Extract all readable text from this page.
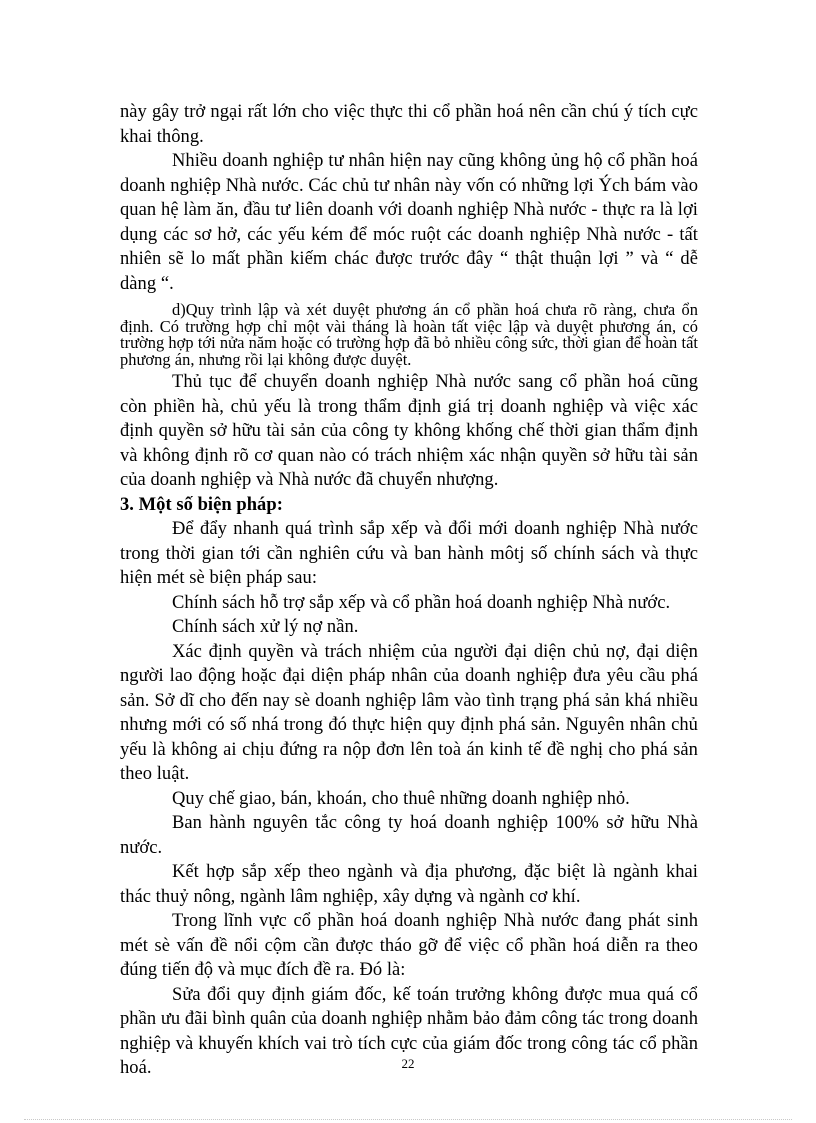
này gây trở ngại rất lớn cho việc thực thi cổ phần hoá nên cần chú ý tích cực khai thông.

Nhiều doanh nghiệp tư nhân hiện nay cũng không ủng hộ cổ phần hoá doanh nghiệp Nhà nước. Các chủ tư nhân này vốn có những lợi Ých bám vào quan hệ làm ăn, đầu tư liên doanh với doanh nghiệp Nhà nước - thực ra là lợi dụng các sơ hở, các yếu kém để móc ruột các doanh nghiệp Nhà nước - tất nhiên sẽ lo mất phần kiếm chác được trước đây “ thật thuận lợi ” và “ dễ dàng “.

d)Quy trình lập và xét duyệt phương án cổ phần hoá chưa rõ ràng, chưa ổn định. Có trường hợp chỉ một vài tháng là hoàn tất việc lập và duyệt phương án, có trường hợp tới nửa năm hoặc có trường hợp đã bỏ nhiều công sức, thời gian để hoàn tất phương án, nhưng rồi lại không được duyệt.

Thủ tục để chuyển doanh nghiệp Nhà nước sang cổ phần hoá cũng còn phiền hà, chủ yếu là trong thẩm định giá trị doanh nghiệp và việc xác định quyền sở hữu tài sản của công ty không khống chế thời gian thẩm định và không định rõ cơ quan nào có trách nhiệm xác nhận quyền sở hữu tài sản của doanh nghiệp và Nhà nước đã chuyển nhượng.

3. Một số biện pháp:

Để đẩy nhanh quá trình sắp xếp và đổi mới doanh nghiệp Nhà nước trong thời gian tới cần nghiên cứu và ban hành môtj số chính sách và thực hiện mét sè biện pháp sau:

Chính sách hỗ trợ sắp xếp và cổ phần hoá doanh nghiệp Nhà nước.

Chính sách xử lý nợ nần.

Xác định quyền và trách nhiệm của người đại diện chủ nợ, đại diện người lao động hoặc đại diện pháp nhân của doanh nghiệp đưa yêu cầu phá sản. Sở dĩ cho đến nay sè doanh nghiệp lâm vào tình trạng phá sản khá nhiều nhưng mới có số nhá trong đó thực hiện quy định phá sản. Nguyên nhân chủ yếu là không ai chịu đứng ra nộp đơn lên toà án kinh tế đề nghị cho phá sản theo luật.

Quy chế giao, bán, khoán, cho thuê những doanh nghiệp nhỏ.

Ban hành nguyên tắc công ty hoá doanh nghiệp 100% sở hữu Nhà nước.

Kết hợp sắp xếp theo ngành và địa phương, đặc biệt là ngành khai thác thuỷ nông, ngành lâm nghiệp, xây dựng và ngành cơ khí.

Trong lĩnh vực cổ phần hoá doanh nghiệp Nhà nước đang phát sinh mét sè vấn đề nổi cộm cần được tháo gỡ để việc cổ phần hoá diễn ra theo đúng tiến độ và mục đích đề ra. Đó là:

Sửa đổi quy định giám đốc, kế toán trưởng không được mua quá cổ phần ưu đãi bình quân của doanh nghiệp nhằm bảo đảm công tác trong doanh nghiệp và khuyến khích vai trò tích cực của giám đốc trong công tác cổ phần hoá.	22
